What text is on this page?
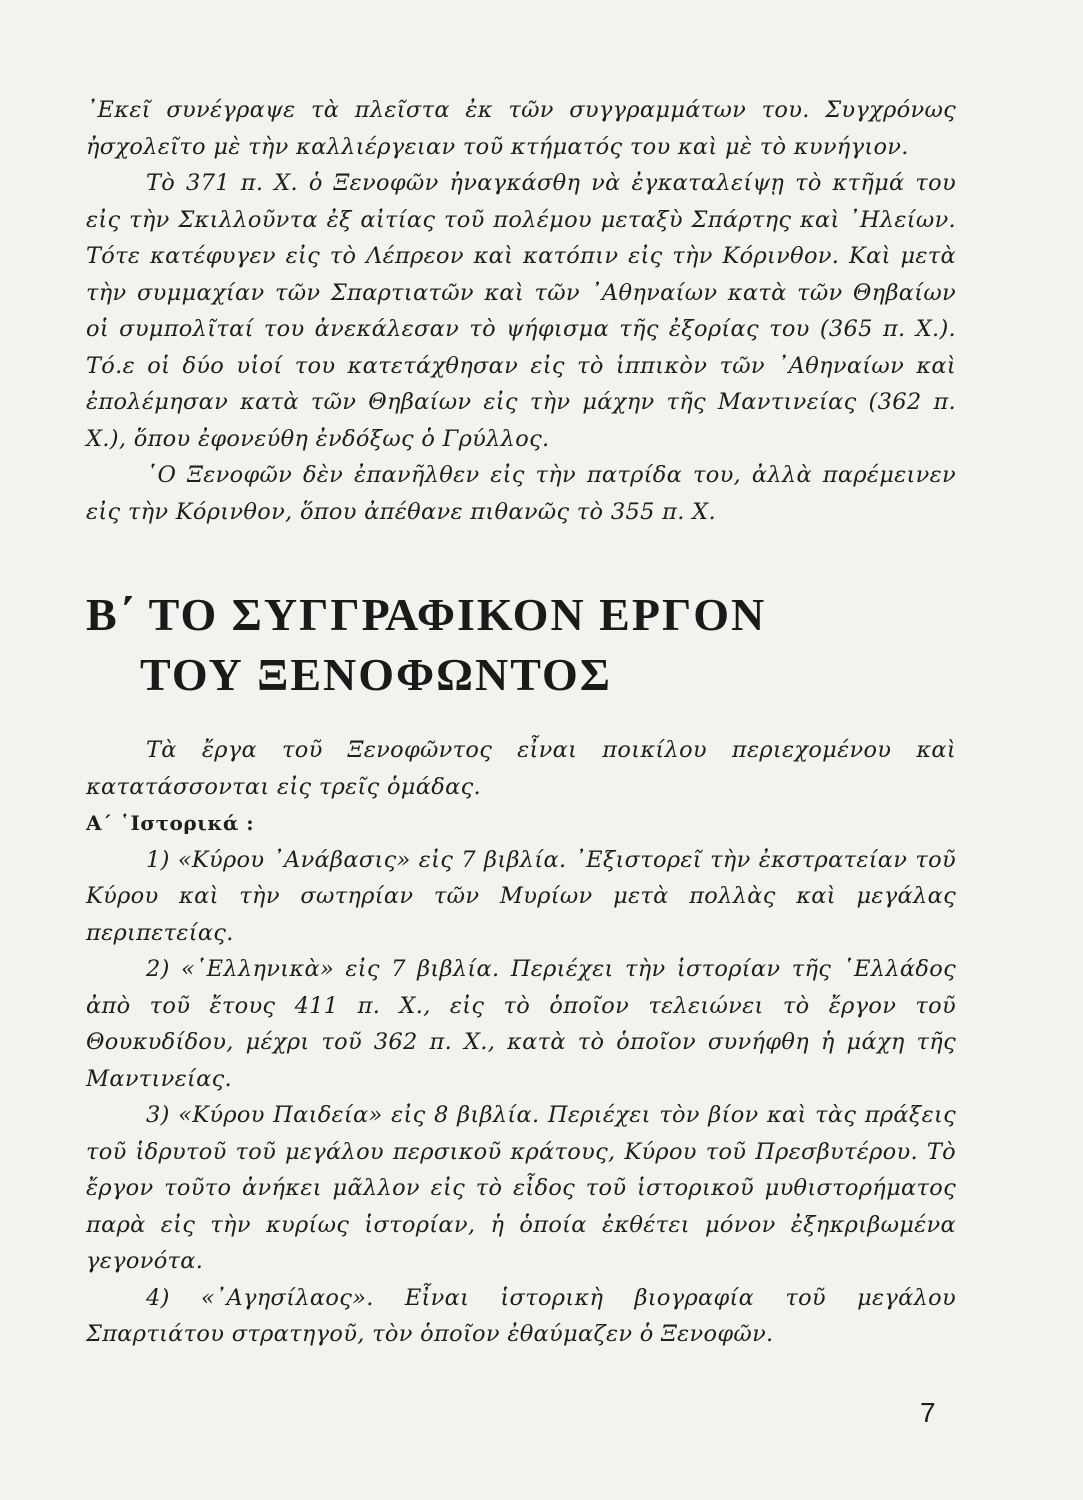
᾿Εκεῖ συνέγραψε τὰ πλεῖστα ἐκ τῶν συγγραμμάτων του. Συγχρόνως ἠσχολεῖτο μὲ τὴν καλλιέργειαν τοῦ κτήματός του καὶ μὲ τὸ κυνήγιον.

Τὸ 371 π. Χ. ὁ Ξενοφῶν ἠναγκάσθη νὰ ἐγκαταλείψῃ τὸ κτῆμά του εἰς τὴν Σκιλλοῦντα ἐξ αἰτίας τοῦ πολέμου μεταξὺ Σπάρτης καὶ ᾿Ηλείων. Τότε κατέφυγεν εἰς τὸ Λέπρεον καὶ κατόπιν εἰς τὴν Κόρινθον. Καὶ μετὰ τὴν συμμαχίαν τῶν Σπαρτιατῶν καὶ τῶν ᾿Αθηναίων κατὰ τῶν Θηβαίων οἱ συμπολῖταί του ἀνεκάλεσαν τὸ ψήφισμα τῆς ἐξορίας του (365 π. Χ.). Τό.ε οἱ δύο υἱοί του κατετάχθησαν εἰς τὸ ἱππικὸν τῶν ᾿Αθηναίων καὶ ἐπολέμησαν κατὰ τῶν Θηβαίων εἰς τὴν μάχην τῆς Μαντινείας (362 π. Χ.), ὅπου ἐφονεύθη ἐνδόξως ὁ Γρύλλος.

῾Ο Ξενοφῶν δὲν ἐπανῆλθεν εἰς τὴν πατρίδα του, ἀλλὰ παρέμεινεν εἰς τὴν Κόρινθον, ὅπου ἀπέθανε πιθανῶς τὸ 355 π. Χ.

Β΄ ΤΟ ΣΥΓΓΡΑΦΙΚΟΝ ΕΡΓΟΝ
ΤΟΥ ΞΕΝΟΦΩΝΤΟΣ

Τὰ ἔργα τοῦ Ξενοφῶντος εἶναι ποικίλου περιεχομένου καὶ κατατάσσονται εἰς τρεῖς ὁμάδας.

Α΄ ῾Ιστορικά :

1) «Κύρου ᾿Ανάβασις» εἰς 7 βιβλία. ᾿Εξιστορεῖ τὴν ἐκστρατείαν τοῦ Κύρου καὶ τὴν σωτηρίαν τῶν Μυρίων μετὰ πολλὰς καὶ μεγάλας περιπετείας.

2) «῾Ελληνικὰ» εἰς 7 βιβλία. Περιέχει τὴν ἱστορίαν τῆς ῾Ελλάδος ἀπὸ τοῦ ἔτους 411 π. Χ., εἰς τὸ ὁποῖον τελειώνει τὸ ἔργον τοῦ Θουκυδίδου, μέχρι τοῦ 362 π. Χ., κατὰ τὸ ὁποῖον συνήφθη ἡ μάχη τῆς Μαντινείας.

3) «Κύρου Παιδεία» εἰς 8 βιβλία. Περιέχει τὸν βίον καὶ τὰς πράξεις τοῦ ἱδρυτοῦ τοῦ μεγάλου περσικοῦ κράτους, Κύρου τοῦ Πρεσβυτέρου. Τὸ ἔργον τοῦτο ἀνήκει μᾶλλον εἰς τὸ εἶδος τοῦ ἱστορικοῦ μυθιστορήματος παρὰ εἰς τὴν κυρίως ἱστορίαν, ἡ ὁποία ἐκθέτει μόνον ἐξηκριβωμένα γεγονότα.

4) «᾿Αγησίλαος». Εἶναι ἱστορικὴ βιογραφία τοῦ μεγάλου Σπαρτιάτου στρατηγοῦ, τὸν ὁποῖον ἐθαύμαζεν ὁ Ξενοφῶν.

7
